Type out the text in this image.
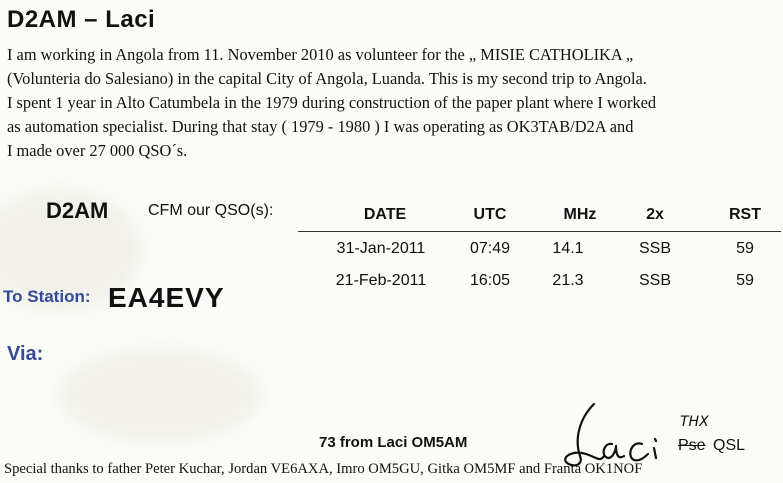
D2AM – Laci
I am working in Angola from 11. November 2010 as volunteer for the „ MISIE CATHOLIKA „
(Volunteria do Salesiano) in the capital City of Angola, Luanda. This is my second trip to Angola.
I spent 1 year in Alto Catumbela in the 1979 during construction of the paper plant where I worked
as automation specialist. During that stay ( 1979 - 1980 ) I was operating as OK3TAB/D2A and
I made over 27 000 QSO´s.
D2AM CFM our QSO(s):	DATE	UTC	MHz	2x	RST
31-Jan-2011	07:49	14.1	SSB	59
21-Feb-2011	16:05	21.3	SSB	59
To Station: EA4EVY
Via:
73 from Laci OM5AM
THX
Pse QSL
Special thanks to father Peter Kuchar, Jordan VE6AXA, Imro OM5GU, Gitka OM5MF and Franta OK1NOF
